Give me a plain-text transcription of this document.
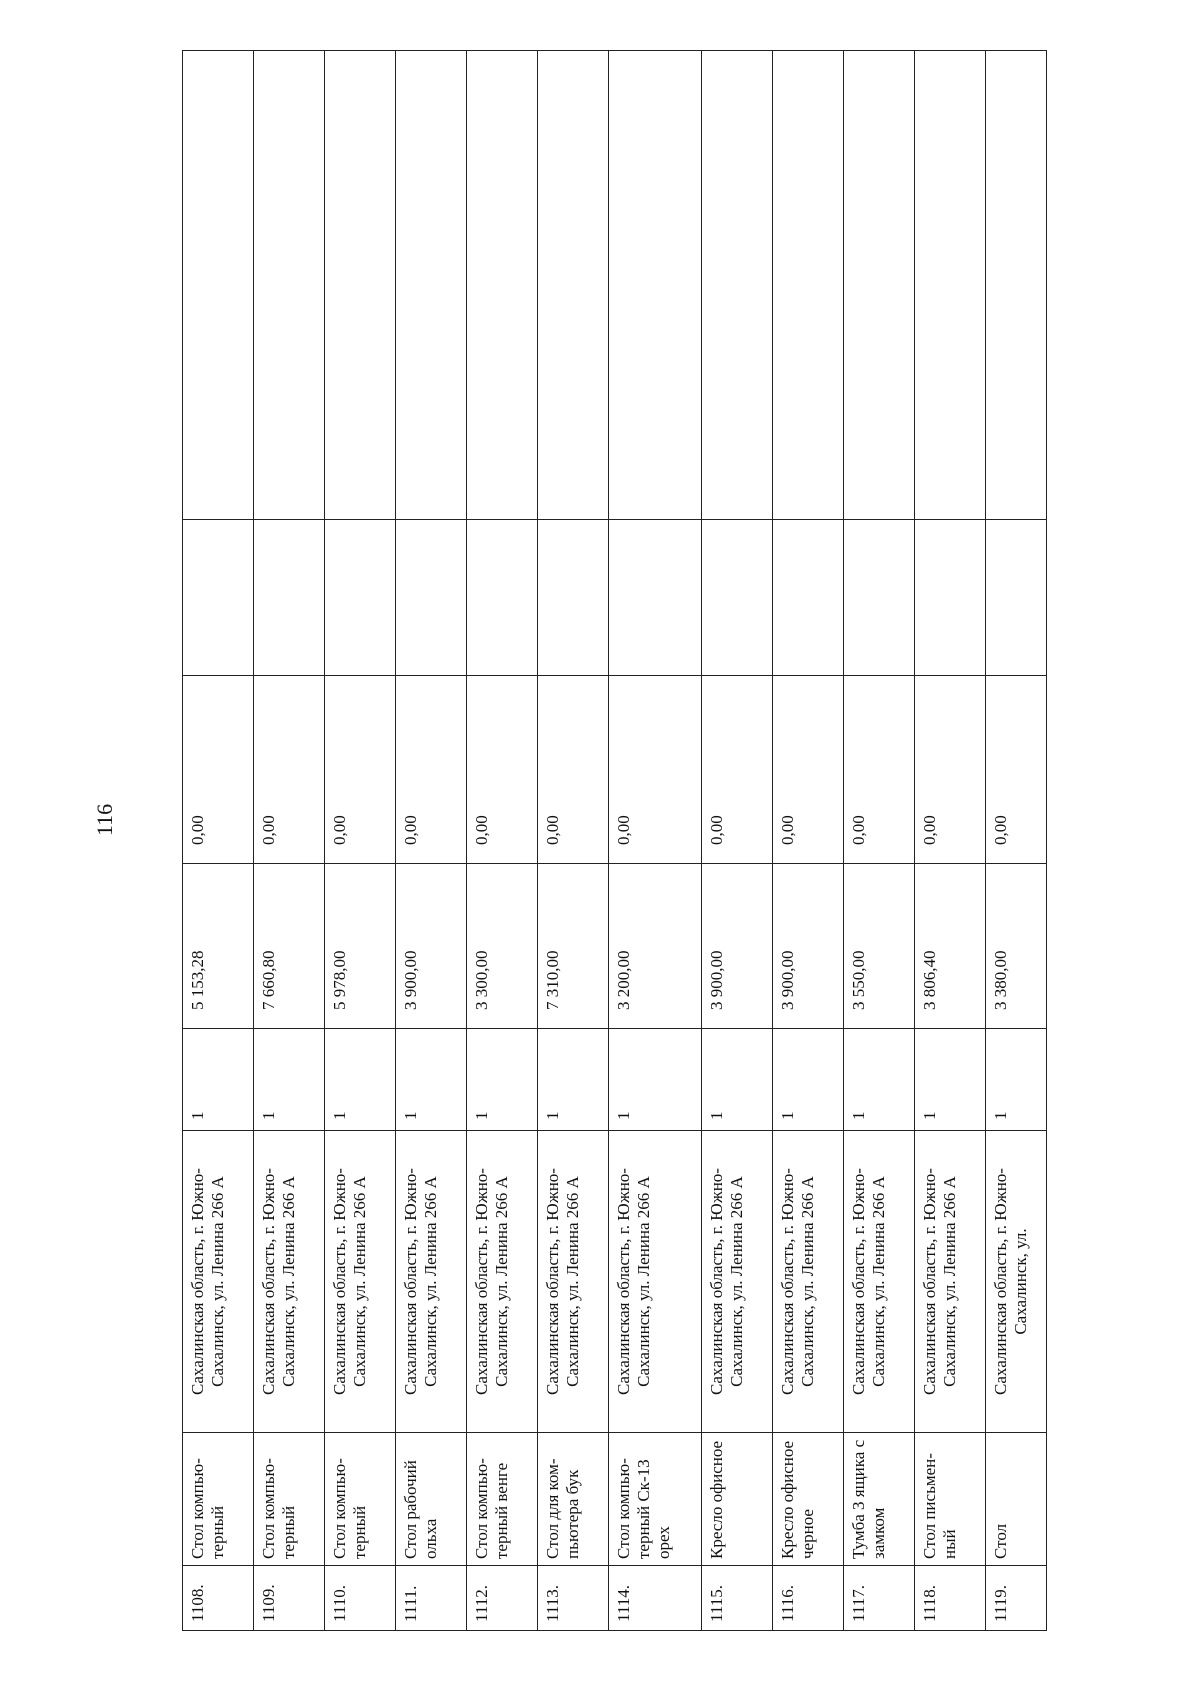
116
1108.	Стол компью-терный	Сахалинская область, г. Южно-Сахалинск, ул. Ленина 266 А	1	5 153,28	0,00		
1109.	Стол компью-терный	Сахалинская область, г. Южно-Сахалинск, ул. Ленина 266 А	1	7 660,80	0,00		
1110.	Стол компью-терный	Сахалинская область, г. Южно-Сахалинск, ул. Ленина 266 А	1	5 978,00	0,00		
1111.	Стол рабочий ольха	Сахалинская область, г. Южно-Сахалинск, ул. Ленина 266 А	1	3 900,00	0,00		
1112.	Стол компью-терный венге	Сахалинская область, г. Южно-Сахалинск, ул. Ленина 266 А	1	3 300,00	0,00		
1113.	Стол для ком-пьютера бук	Сахалинская область, г. Южно-Сахалинск, ул. Ленина 266 А	1	7 310,00	0,00		
1114.	Стол компью-терный Ск-13 орех	Сахалинская область, г. Южно-Сахалинск, ул. Ленина 266 А	1	3 200,00	0,00		
1115.	Кресло офисное	Сахалинская область, г. Южно-Сахалинск, ул. Ленина 266 А	1	3 900,00	0,00		
1116.	Кресло офисное черное	Сахалинская область, г. Южно-Сахалинск, ул. Ленина 266 А	1	3 900,00	0,00		
1117.	Тумба 3 ящика с замком	Сахалинская область, г. Южно-Сахалинск, ул. Ленина 266 А	1	3 550,00	0,00		
1118.	Стол письмен-ный	Сахалинская область, г. Южно-Сахалинск, ул. Ленина 266 А	1	3 806,40	0,00		
1119.	Стол	Сахалинская область, г. Южно-Сахалинск, ул.	1	3 380,00	0,00		
